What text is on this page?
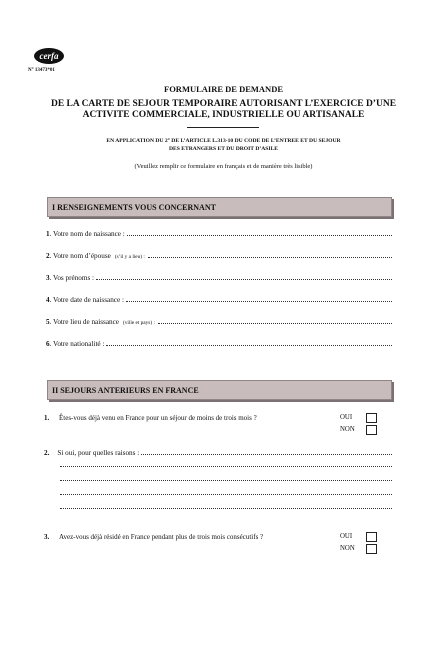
cerfa
N° 13473*01
FORMULAIRE DE DEMANDE
DE LA CARTE DE SEJOUR TEMPORAIRE AUTORISANT L’EXERCICE D’UNE
ACTIVITE COMMERCIALE, INDUSTRIELLE OU ARTISANALE
EN APPLICATION DU 2° DE L’ARTICLE L.313-10 DU CODE DE L’ENTREE ET DU SEJOUR
DES ETRANGERS ET DU DROIT D’ASILE
(Veuillez remplir ce formulaire en français et de manière très lisible)
I RENSEIGNEMENTS VOUS CONCERNANT
1 . Votre nom de naissance :
2 . Votre nom d’épouse (s’il y a lieu) :
3 . Vos prénoms :
4 . Votre date de naissance :
5 . Votre lieu de naissance (ville et pays) :
6 . Votre nationalité :
II SEJOURS ANTERIEURS EN FRANCE
1. Êtes-vous déjà venu en France pour un séjour de moins de trois mois ?	OUI
NON
2. Si oui, pour quelles raisons :
3. Avez-vous déjà résidé en France pendant plus de trois mois consécutifs ?	OUI
NON
